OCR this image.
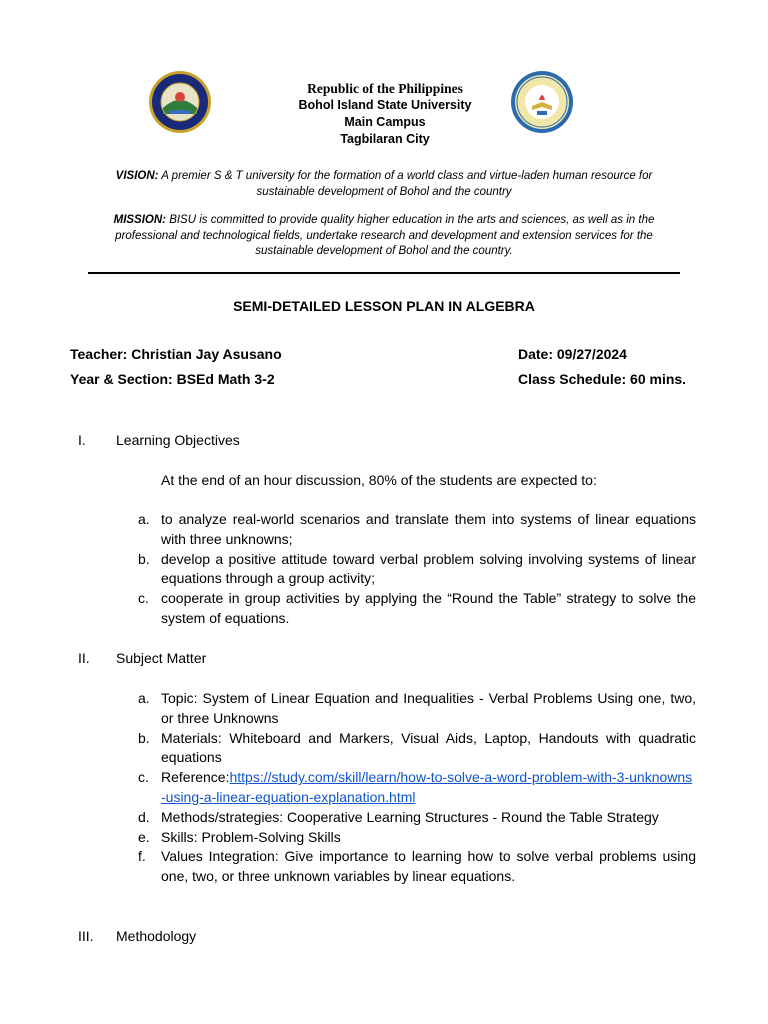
Republic of the Philippines
Bohol Island State University
Main Campus
Tagbilaran City
VISION: A premier S & T university for the formation of a world class and virtue-laden human resource for sustainable development of Bohol and the country
MISSION: BISU is committed to provide quality higher education in the arts and sciences, as well as in the professional and technological fields, undertake research and development and extension services for the sustainable development of Bohol and the country.
SEMI-DETAILED LESSON PLAN IN ALGEBRA
Teacher: Christian Jay Asusano	Date: 09/27/2024
Year & Section: BSEd Math 3-2	Class Schedule: 60 mins.
I. Learning Objectives
At the end of an hour discussion, 80% of the students are expected to:
a. to analyze real-world scenarios and translate them into systems of linear equations with three unknowns;
b. develop a positive attitude toward verbal problem solving involving systems of linear equations through a group activity;
c. cooperate in group activities by applying the “Round the Table” strategy to solve the system of equations.
II. Subject Matter
a. Topic: System of Linear Equation and Inequalities - Verbal Problems Using one, two, or three Unknowns
b. Materials: Whiteboard and Markers, Visual Aids, Laptop, Handouts with quadratic equations
c. Reference:https://study.com/skill/learn/how-to-solve-a-word-problem-with-3-unknowns-using-a-linear-equation-explanation.html
d. Methods/strategies: Cooperative Learning Structures - Round the Table Strategy
e. Skills: Problem-Solving Skills
f. Values Integration: Give importance to learning how to solve verbal problems using one, two, or three unknown variables by linear equations.
III. Methodology
